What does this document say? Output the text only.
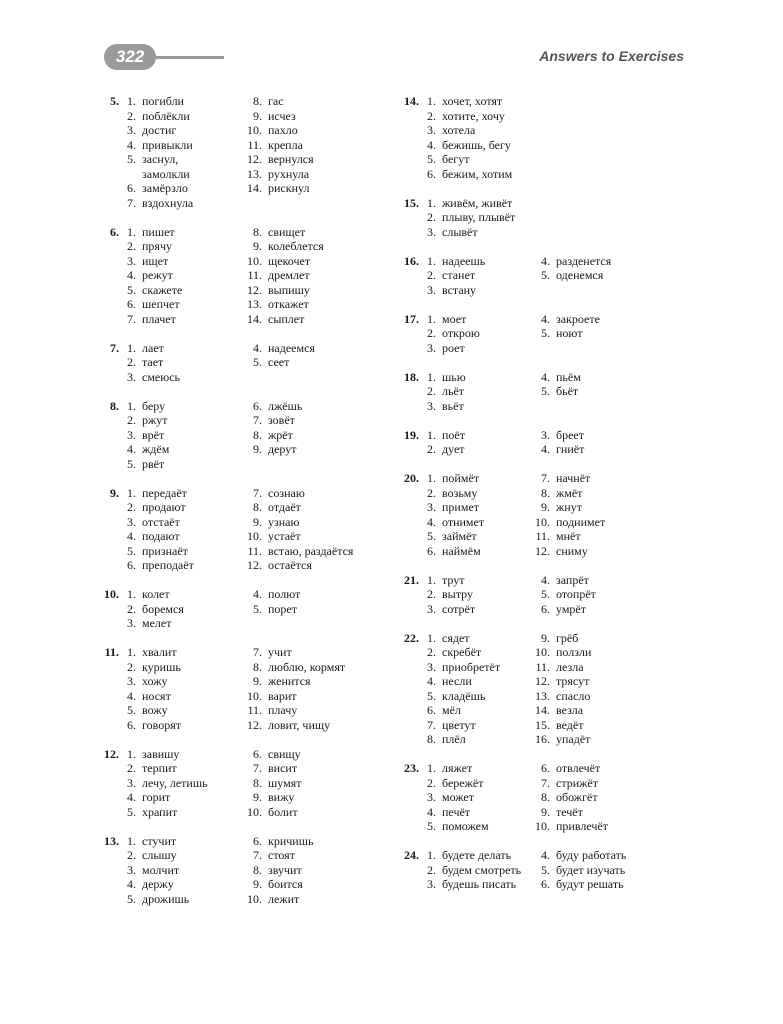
322	Answers to Exercises
5. 1. погибли
2. поблёкли
3. достиг
4. привыкли
5. заснул,
замолкли
6. замёрзло
7. вздохнула
8. гас
9. исчез
10. пахло
11. крепла
12. вернулся
13. рухнула
14. рискнул
6. 1. пишет
2. прячу
3. ищет
4. режут
5. скажете
6. шепчет
7. плачет
8. свищет
9. колеблется
10. щекочет
11. дремлет
12. выпишу
13. откажет
14. сыплет
7. 1. лает
2. тает
3. смеюсь
4. надеемся
5. сеет
8. 1. беру
2. ржут
3. врёт
4. ждём
5. рвёт
6. лжёшь
7. зовёт
8. жрёт
9. дерут
9. 1. передаёт
2. продают
3. отстаёт
4. подают
5. признаёт
6. преподаёт
7. сознаю
8. отдаёт
9. узнаю
10. устаёт
11. встаю, раздаётся
12. остаётся
10. 1. колет
2. боремся
3. мелет
4. полют
5. порет
11. 1. хвалит
2. куришь
3. хожу
4. носят
5. вожу
6. говорят
7. учит
8. люблю, кормят
9. женится
10. варит
11. плачу
12. ловит, чищу
12. 1. завишу
2. терпит
3. лечу, летишь
4. горит
5. храпит
6. свищу
7. висит
8. шумят
9. вижу
10. болит
13. 1. стучит
2. слышу
3. молчит
4. держу
5. дрожишь
6. кричишь
7. стоят
8. звучит
9. боится
10. лежит
14. 1. хочет, хотят
2. хотите, хочу
3. хотела
4. бежишь, бегу
5. бегут
6. бежим, хотим
15. 1. живём, живёт
2. плыву, плывёт
3. слывёт
16. 1. надеешь
2. станет
3. встану
4. разденется
5. оденемся
17. 1. моет
2. открою
3. роет
4. закроете
5. ноют
18. 1. шью
2. льёт
3. вьёт
4. пьём
5. бьёт
19. 1. поёт
2. дует
3. бреет
4. гниёт
20. 1. поймёт
2. возьму
3. примет
4. отнимет
5. займёт
6. наймём
7. начнёт
8. жмёт
9. жнут
10. поднимет
11. мнёт
12. сниму
21. 1. трут
2. вытру
3. сотрёт
4. запрёт
5. отопрёт
6. умрёт
22. 1. сядет
2. скребёт
3. приобретёт
4. несли
5. кладёшь
6. мёл
7. цветут
8. плёл
9. грёб
10. ползли
11. лезла
12. трясут
13. спасло
14. везла
15. ведёт
16. упадёт
23. 1. ляжет
2. бережёт
3. может
4. печёт
5. поможем
6. отвлечёт
7. стрижёт
8. обожгёт
9. течёт
10. привлечёт
24. 1. будете делать
2. будем смотреть
3. будешь писать
4. буду работать
5. будет изучать
6. будут решать
